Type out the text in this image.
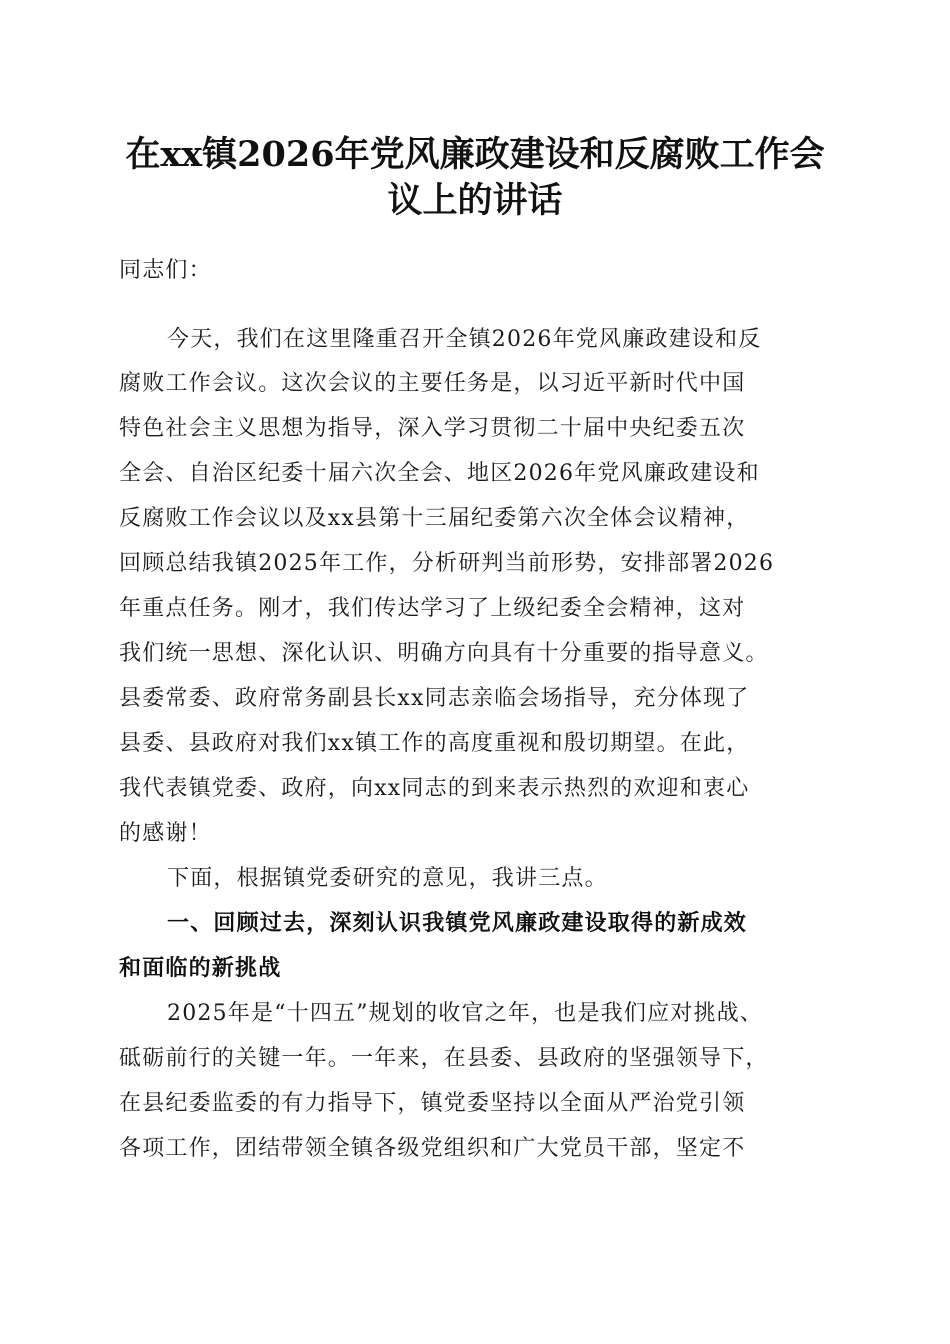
在xx镇2026年党风廉政建设和反腐败工作会
议上的讲话
同志们：
今天，我们在这里隆重召开全镇2026年党风廉政建设和反
腐败工作会议。这次会议的主要任务是，以习近平新时代中国
特色社会主义思想为指导，深入学习贯彻二十届中央纪委五次
全会、自治区纪委十届六次全会、地区2026年党风廉政建设和
反腐败工作会议以及xx县第十三届纪委第六次全体会议精神，
回顾总结我镇2025年工作，分析研判当前形势，安排部署2026
年重点任务。刚才，我们传达学习了上级纪委全会精神，这对
我们统一思想、深化认识、明确方向具有十分重要的指导意义。
县委常委、政府常务副县长xx同志亲临会场指导，充分体现了
县委、县政府对我们xx镇工作的高度重视和殷切期望。在此，
我代表镇党委、政府，向xx同志的到来表示热烈的欢迎和衷心
的感谢！
下面，根据镇党委研究的意见，我讲三点。
一、回顾过去，深刻认识我镇党风廉政建设取得的新成效
和面临的新挑战
2025年是“十四五”规划的收官之年，也是我们应对挑战、
砥砺前行的关键一年。一年来，在县委、县政府的坚强领导下，
在县纪委监委的有力指导下，镇党委坚持以全面从严治党引领
各项工作，团结带领全镇各级党组织和广大党员干部，坚定不
